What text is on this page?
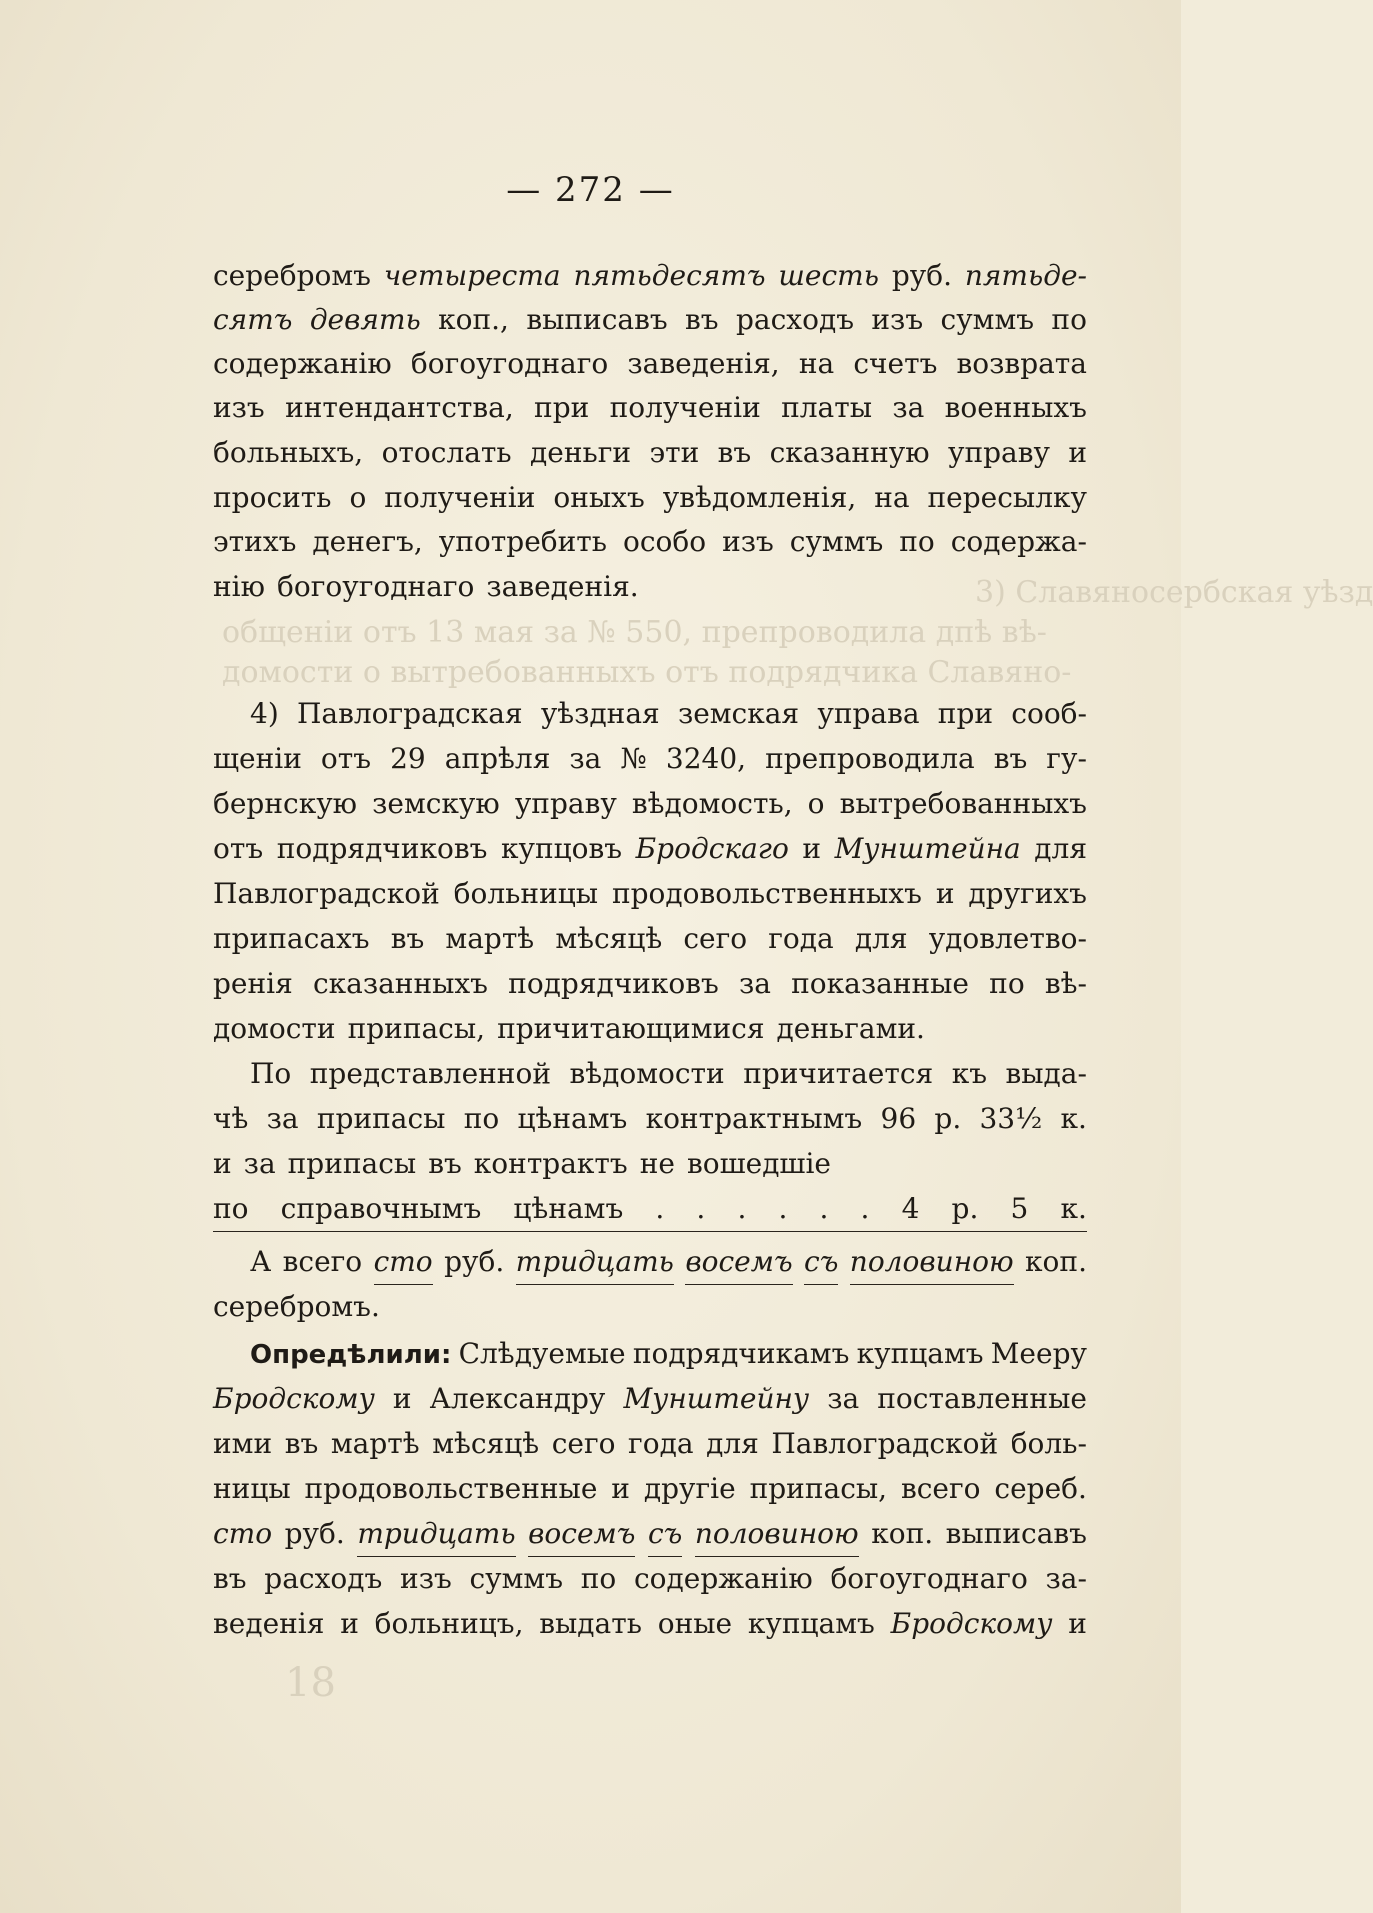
3) Славяносербская уѣзд
общеніи отъ 13 мая за № 550, препроводила дпѣ вѣ-
домости о вытребованныхъ отъ подрядчика Славяно-
18
— 272 —
серебромъ четыреста пятьдесятъ шесть руб. пятьде-
сятъ девять коп., выписавъ въ расходъ изъ суммъ по
содержанію богоугоднаго заведенія, на счетъ возврата
изъ интендантства, при полученіи платы за военныхъ
больныхъ, отослать деньги эти въ сказанную управу и
просить о полученіи оныхъ увѣдомленія, на пересылку
этихъ денегъ, употребить особо изъ суммъ по содержа-
нію богоугоднаго заведенія.
4) Павлоградская уѣздная земская управа при сооб-
щеніи отъ 29 апрѣля за № 3240, препроводила въ гу-
бернскую земскую управу вѣдомость, о вытребованныхъ
отъ подрядчиковъ купцовъ Бродскаго и Мунштейна для
Павлоградской больницы продовольственныхъ и другихъ
припасахъ въ мартѣ мѣсяцѣ сего года для удовлетво-
ренія сказанныхъ подрядчиковъ за показанные по вѣ-
домости припасы, причитающимися деньгами.
По представленной вѣдомости причитается къ выда-
чѣ за припасы по цѣнамъ контрактнымъ 96 р. 33½ к.
и за припасы въ контрактъ не вошедшіе
по справочнымъ цѣнамъ . . . . . . 4 р. 5 к.
А всего сто руб. тридцать восемъ съ половиною коп.
серебромъ.
Опредѣлили: Слѣдуемые подрядчикамъ купцамъ Мееру
Бродскому и Александру Мунштейну за поставленные
ими въ мартѣ мѣсяцѣ сего года для Павлоградской боль-
ницы продовольственные и другіе припасы, всего сереб.
сто руб. тридцать восемъ съ половиною коп. выписавъ
въ расходъ изъ суммъ по содержанію богоугоднаго за-
веденія и больницъ, выдать оные купцамъ Бродскому и
